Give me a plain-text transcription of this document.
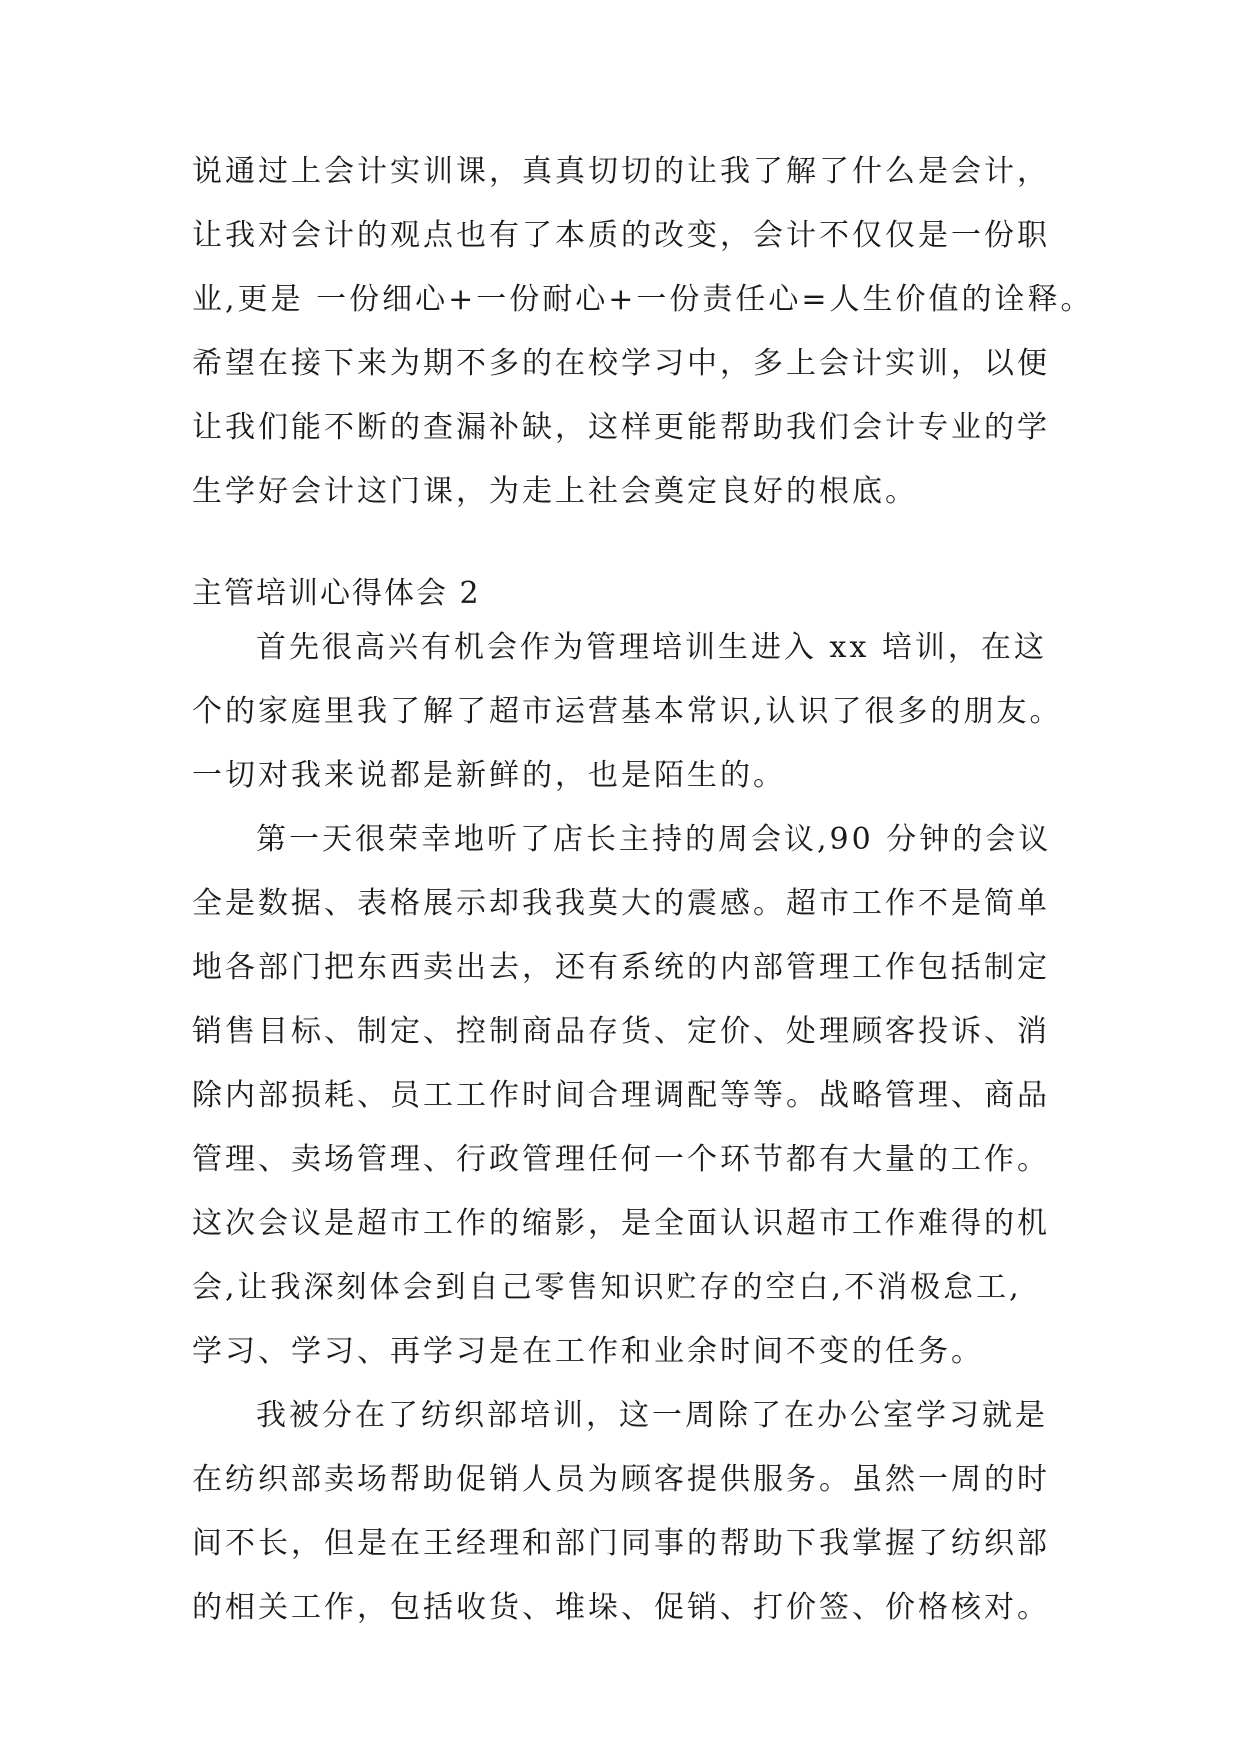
说通过上会计实训课，真真切切的让我了解了什么是会计，
让我对会计的观点也有了本质的改变，会计不仅仅是一份职
业,更是 一份细心+一份耐心+一份责任心=人生价值的诠释。
希望在接下来为期不多的在校学习中，多上会计实训，以便
让我们能不断的查漏补缺，这样更能帮助我们会计专业的学
生学好会计这门课，为走上社会奠定良好的根底。
主管培训心得体会 2
首先很高兴有机会作为管理培训生进入 xx 培训，在这
个的家庭里我了解了超市运营基本常识,认识了很多的朋友。
一切对我来说都是新鲜的，也是陌生的。
第一天很荣幸地听了店长主持的周会议,90 分钟的会议
全是数据、表格展示却我我莫大的震感。超市工作不是简单
地各部门把东西卖出去，还有系统的内部管理工作包括制定
销售目标、制定、控制商品存货、定价、处理顾客投诉、消
除内部损耗、员工工作时间合理调配等等。战略管理、商品
管理、卖场管理、行政管理任何一个环节都有大量的工作。
这次会议是超市工作的缩影，是全面认识超市工作难得的机
会,让我深刻体会到自己零售知识贮存的空白,不消极怠工,
学习、学习、再学习是在工作和业余时间不变的任务。
我被分在了纺织部培训，这一周除了在办公室学习就是
在纺织部卖场帮助促销人员为顾客提供服务。虽然一周的时
间不长，但是在王经理和部门同事的帮助下我掌握了纺织部
的相关工作，包括收货、堆垛、促销、打价签、价格核对。
